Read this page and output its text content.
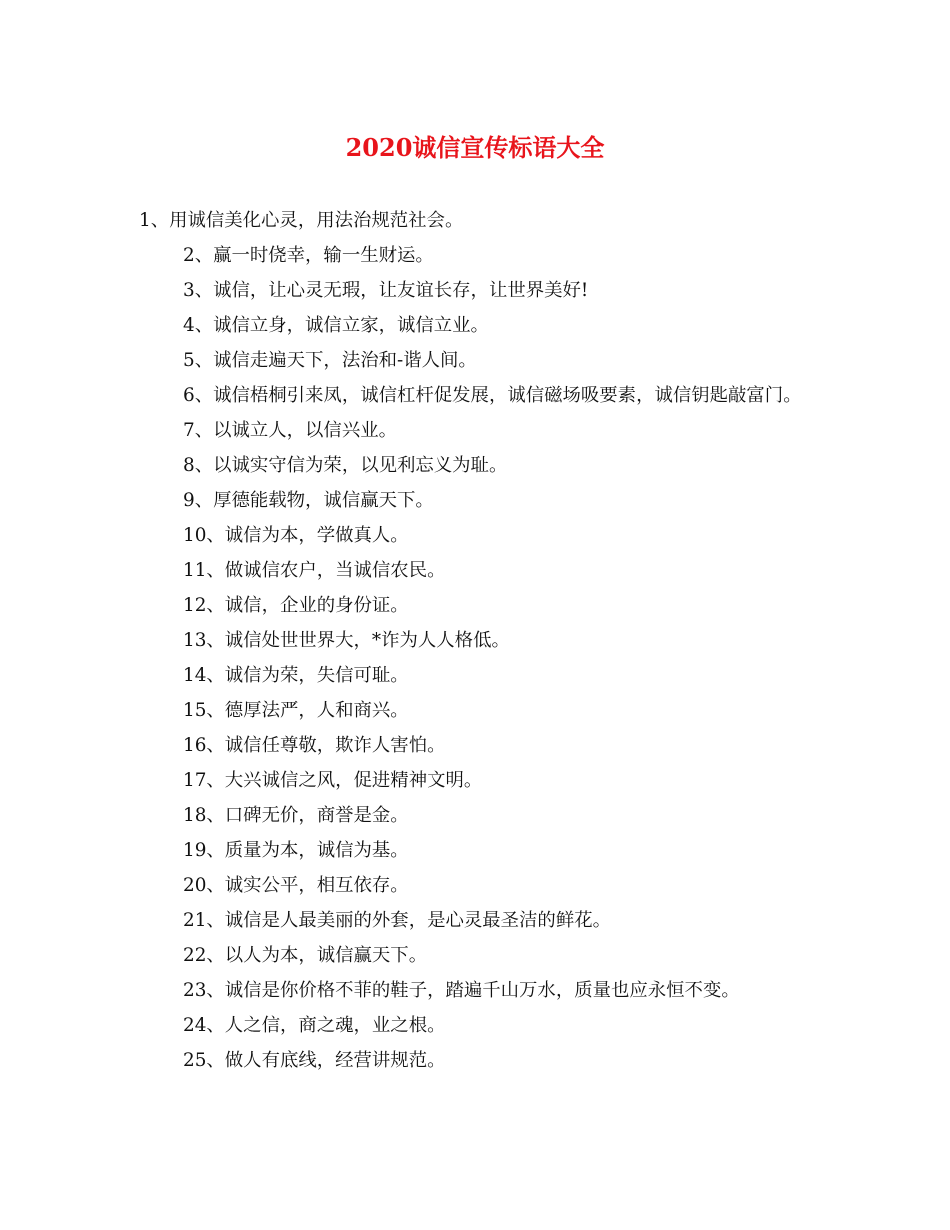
2020诚信宣传标语大全
1、用诚信美化心灵，用法治规范社会。
2、赢一时侥幸，输一生财运。
3、诚信，让心灵无瑕，让友谊长存，让世界美好!
4、诚信立身，诚信立家，诚信立业。
5、诚信走遍天下，法治和-谐人间。
6、诚信梧桐引来凤，诚信杠杆促发展，诚信磁场吸要素，诚信钥匙敲富门。
7、以诚立人，以信兴业。
8、以诚实守信为荣，以见利忘义为耻。
9、厚德能载物，诚信赢天下。
10、诚信为本，学做真人。
11、做诚信农户，当诚信农民。
12、诚信，企业的身份证。
13、诚信处世世界大，*诈为人人格低。
14、诚信为荣，失信可耻。
15、德厚法严，人和商兴。
16、诚信任尊敬，欺诈人害怕。
17、大兴诚信之风，促进精神文明。
18、口碑无价，商誉是金。
19、质量为本，诚信为基。
20、诚实公平，相互依存。
21、诚信是人最美丽的外套，是心灵最圣洁的鲜花。
22、以人为本，诚信赢天下。
23、诚信是你价格不菲的鞋子，踏遍千山万水，质量也应永恒不变。
24、人之信，商之魂，业之根。
25、做人有底线，经营讲规范。
